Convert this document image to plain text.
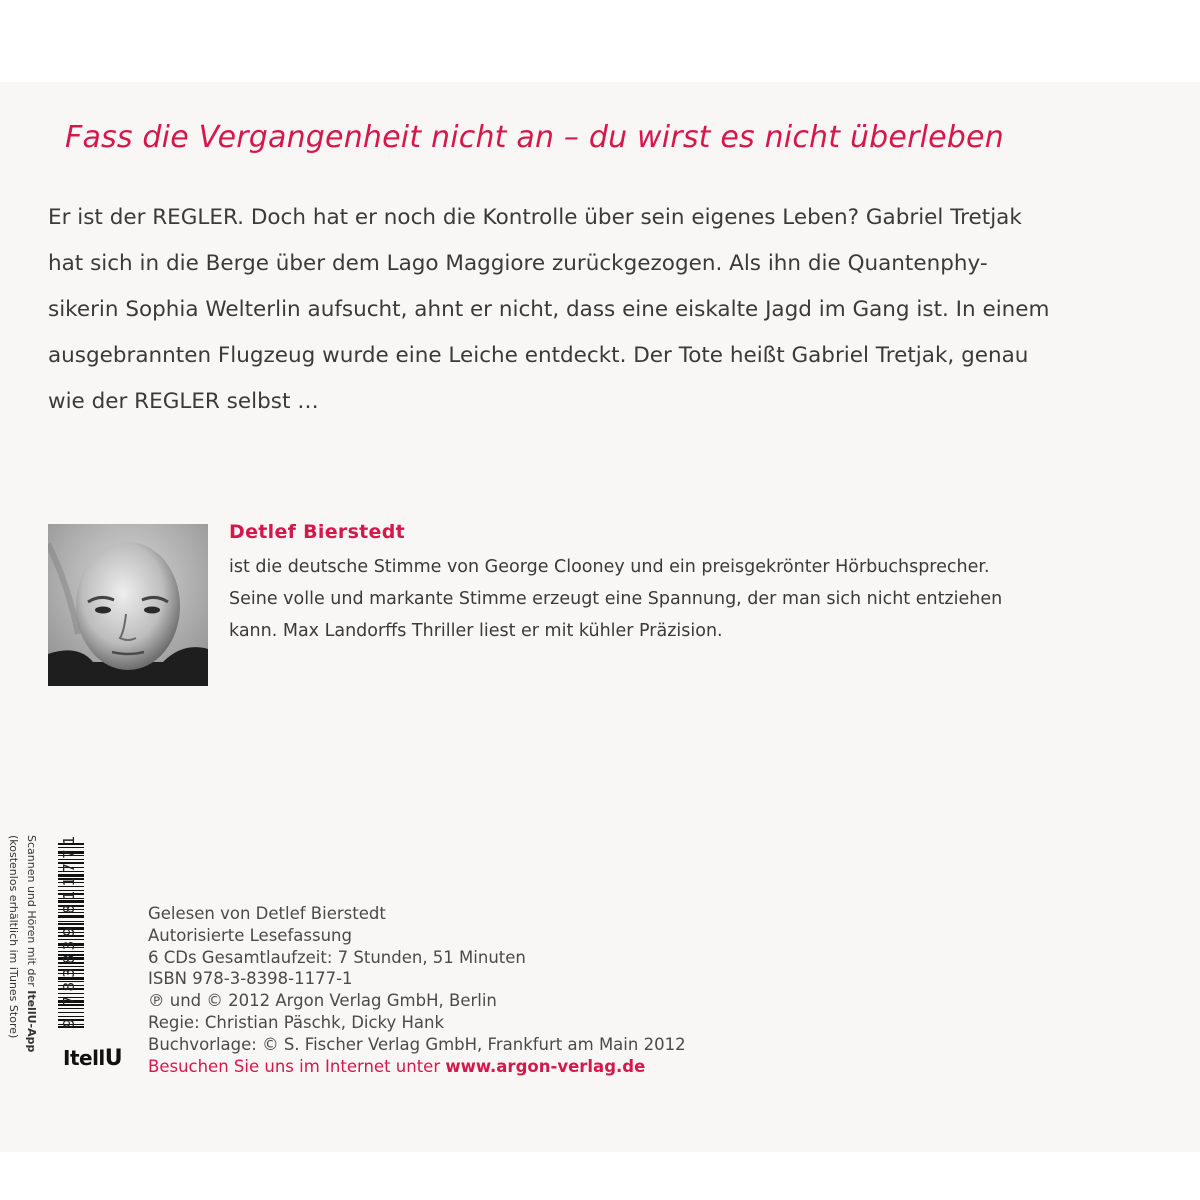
Fass die Vergangenheit nicht an – du wirst es nicht überleben
Er ist der REGLER. Doch hat er noch die Kontrolle über sein eigenes Leben? Gabriel Tretjak
hat sich in die Berge über dem Lago Maggiore zurückgezogen. Als ihn die Quantenphy-
sikerin Sophia Welterlin aufsucht, ahnt er nicht, dass eine eiskalte Jagd im Gang ist. In einem
ausgebrannten Flugzeug wurde eine Leiche entdeckt. Der Tote heißt Gabriel Tretjak, genau
wie der REGLER selbst …
Detlef Bierstedt
ist die deutsche Stimme von George Clooney und ein preisgekrönter Hörbuchsprecher.
Seine volle und markante Stimme erzeugt eine Spannung, der man sich nicht entziehen
kann. Max Landorffs Thriller liest er mit kühler Präzision.
Gelesen von Detlef Bierstedt
Autorisierte Lesefassung
6 CDs Gesamtlaufzeit: 7 Stunden, 51 Minuten
ISBN 978-3-8398-1177-1
℗ und © 2012 Argon Verlag GmbH, Berlin
Regie: Christian Päschk, Dicky Hank
Buchvorlage: © S. Fischer Verlag GmbH, Frankfurt am Main 2012
Besuchen Sie uns im Internet unter www.argon-verlag.de
9 783839 811771
Scannen und Hören mit der ItellU-App
(kostenlos erhältlich im iTunes Store)
ItellU
